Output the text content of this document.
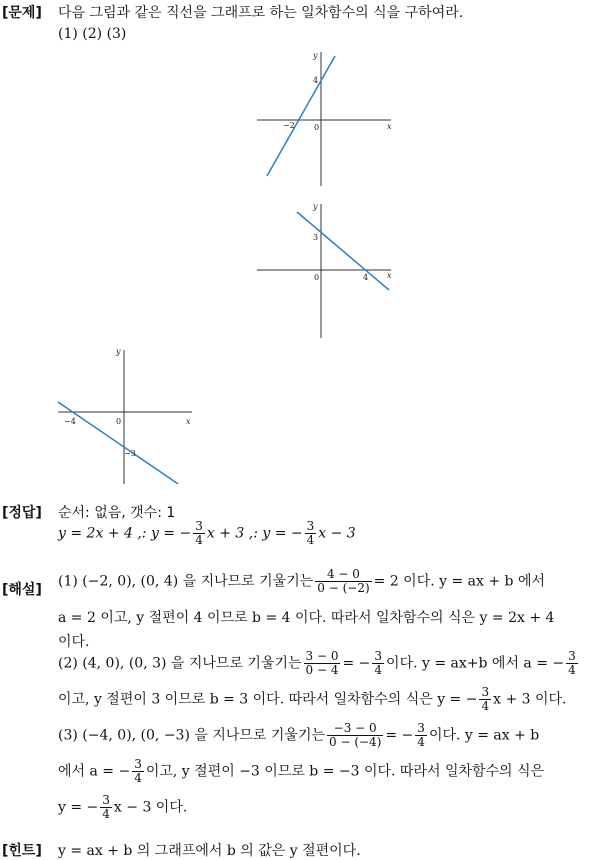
[문제] 다음 그림과 같은 직선을 그래프로 하는 일차함수의 식을 구하여라.
(1) (2) (3)
x
y
0
−2
4
x
y
0	4
3
x
y
0
−4
−3
[정답] 순서: 없음, 갯수: 1
y = 2x + 4 ,: y = − $\frac{3}{4}$ x + 3 ,: y = − $\frac{3}{4}$ x − 3
[해설]
(1) (−2, 0), (0, 4) 을 지나므로 기울기는 $\frac{4 - 0}{0 - (-2)} = 2$ 이다. y = ax + b 에서
a = 2 이고, y 절편이 4 이므로 b = 4 이다. 따라서 일차함수의 식은 y = 2x + 4
이다.
(2) (4, 0), (0, 3) 을 지나므로 기울기는 $\frac{3 - 0}{0 - 4}$ = − $\frac{3}{4}$ 이다. y = ax+b 에서 a = − $\frac{3}{4}$
이고, y 절편이 3 이므로 b = 3 이다. 따라서 일차함수의 식은 y = − $\frac{3}{4}$ x + 3 이다.
(3) (−4, 0), (0, −3) 을 지나므로 기울기는 $\frac{-3 - 0}{0 - (-4)}$ = − $\frac{3}{4}$ 이다. y = ax + b
에서 a = − $\frac{3}{4}$ 이고, y 절편이 −3 이므로 b = −3 이다. 따라서 일차함수의 식은
y = − $\frac{3}{4}$ x − 3 이다.
[힌트] y = ax + b 의 그래프에서 b 의 값은 y 절편이다.
